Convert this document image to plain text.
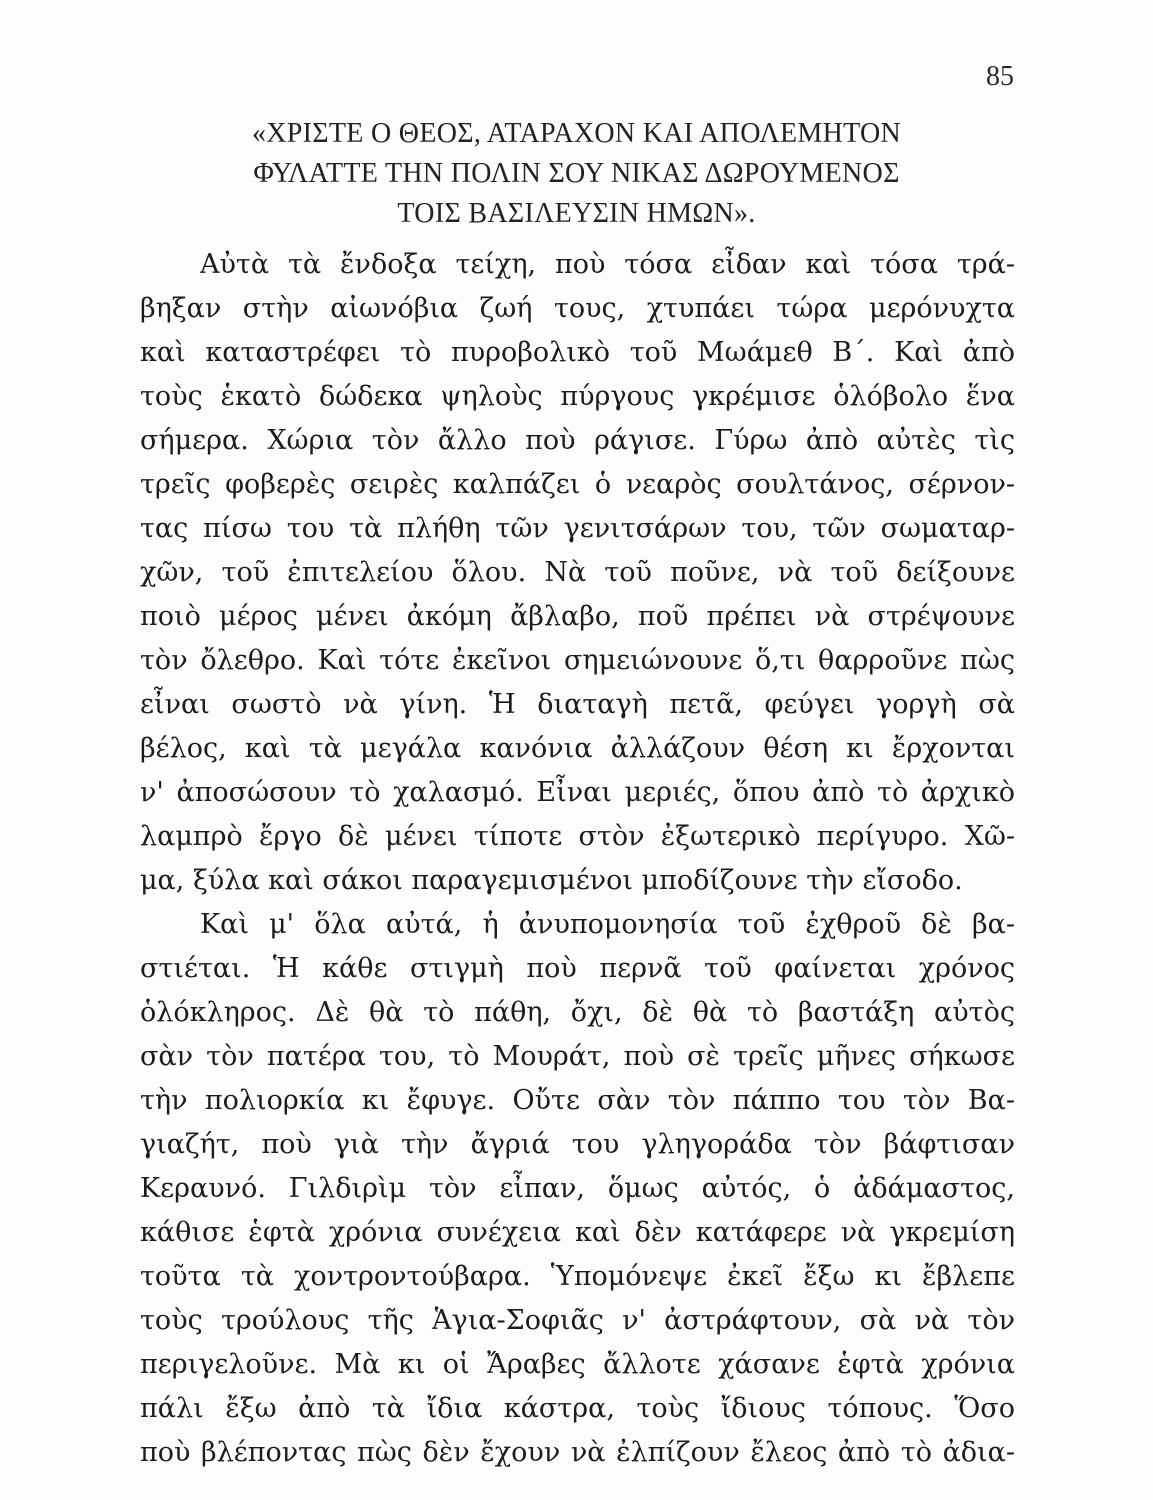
85
«ΧΡΙΣΤΕ Ο ΘΕΟΣ, ΑΤΑΡΑΧΟΝ ΚΑΙ ΑΠΟΛΕΜΗΤΟΝ
ΦΥΛΑΤΤΕ ΤΗΝ ΠΟΛΙΝ ΣΟΥ ΝΙΚΑΣ ΔΩΡΟΥΜΕΝΟΣ
ΤΟΙΣ ΒΑΣΙΛΕΥΣΙΝ ΗΜΩΝ».
Αὐτὰ τὰ ἔνδοξα τείχη, ποὺ τόσα εἶδαν καὶ τόσα τρά-
βηξαν στὴν αἰωνόβια ζωή τους, χτυπάει τώρα μερόνυχτα
καὶ καταστρέφει τὸ πυροβολικὸ τοῦ Μωάμεθ Β΄. Καὶ ἀπὸ
τοὺς ἑκατὸ δώδεκα ψηλοὺς πύργους γκρέμισε ὁλόβολο ἕνα
σήμερα. Χώρια τὸν ἄλλο ποὺ ράγισε. Γύρω ἀπὸ αὐτὲς τὶς
τρεῖς φοβερὲς σειρὲς καλπάζει ὁ νεαρὸς σουλτάνος, σέρνον-
τας πίσω του τὰ πλήθη τῶν γενιτσάρων του, τῶν σωματαρ-
χῶν, τοῦ ἐπιτελείου ὅλου. Νὰ τοῦ ποῦνε, νὰ τοῦ δείξουνε
ποιὸ μέρος μένει ἀκόμη ἄβλαβο, ποῦ πρέπει νὰ στρέψουνε
τὸν ὄλεθρο. Καὶ τότε ἐκεῖνοι σημειώνουνε ὅ,τι θαρροῦνε πὼς
εἶναι σωστὸ νὰ γίνη. Ἡ διαταγὴ πετᾶ, φεύγει γοργὴ σὰ
βέλος, καὶ τὰ μεγάλα κανόνια ἀλλάζουν θέση κι ἔρχονται
ν' ἀποσώσουν τὸ χαλασμό. Εἶναι μεριές, ὅπου ἀπὸ τὸ ἀρχικὸ
λαμπρὸ ἔργο δὲ μένει τίποτε στὸν ἐξωτερικὸ περίγυρο. Χῶ-
μα, ξύλα καὶ σάκοι παραγεμισμένοι μποδίζουνε τὴν εἴσοδο.
Καὶ μ' ὅλα αὐτά, ἡ ἀνυπομονησία τοῦ ἐχθροῦ δὲ βα-
στιέται. Ἡ κάθε στιγμὴ ποὺ περνᾶ τοῦ φαίνεται χρόνος
ὁλόκληρος. Δὲ θὰ τὸ πάθη, ὄχι, δὲ θὰ τὸ βαστάξη αὐτὸς
σὰν τὸν πατέρα του, τὸ Μουράτ, ποὺ σὲ τρεῖς μῆνες σήκωσε
τὴν πολιορκία κι ἔφυγε. Οὔτε σὰν τὸν πάππο του τὸν Βα-
γιαζήτ, ποὺ γιὰ τὴν ἄγριά του γληγοράδα τὸν βάφτισαν
Κεραυνό. Γιλδιρὶμ τὸν εἶπαν, ὅμως αὐτός, ὁ ἀδάμαστος,
κάθισε ἑφτὰ χρόνια συνέχεια καὶ δὲν κατάφερε νὰ γκρεμίση
τοῦτα τὰ χοντροντούβαρα. Ὑπομόνεψε ἐκεῖ ἔξω κι ἔβλεπε
τοὺς τρούλους τῆς Ἁγια-Σοφιᾶς ν' ἀστράφτουν, σὰ νὰ τὸν
περιγελοῦνε. Μὰ κι οἱ Ἄραβες ἄλλοτε χάσανε ἑφτὰ χρόνια
πάλι ἔξω ἀπὸ τὰ ἴδια κάστρα, τοὺς ἴδιους τόπους. Ὅσο
ποὺ βλέποντας πὼς δὲν ἔχουν νὰ ἐλπίζουν ἔλεος ἀπὸ τὸ ἀδια-
